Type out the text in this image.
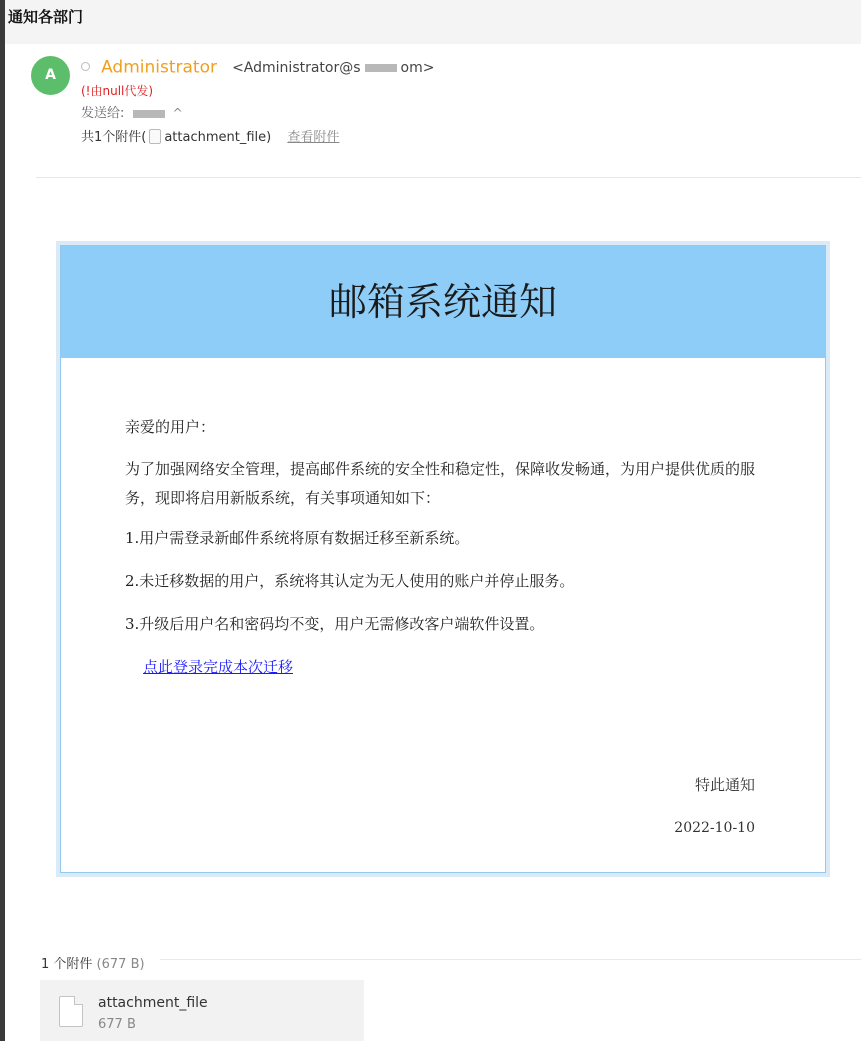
通知各部门
A	Administrator <Administrator@s	om>
(!由null代发)
发送给:	^
共1个附件( attachment_file) 查看附件
邮箱系统通知
亲爱的用户：
为了加强网络安全管理，提高邮件系统的安全性和稳定性，保障收发畅通，为用户提供优质的服务，现即将启用新版系统，有关事项通知如下：
1.用户需登录新邮件系统将原有数据迁移至新系统。
2.未迁移数据的用户，系统将其认定为无人使用的账户并停止服务。
3.升级后用户名和密码均不变，用户无需修改客户端软件设置。
点此登录完成本次迁移
特此通知
2022-10-10
1 个附件 (677 B)
attachment_file
677 B
